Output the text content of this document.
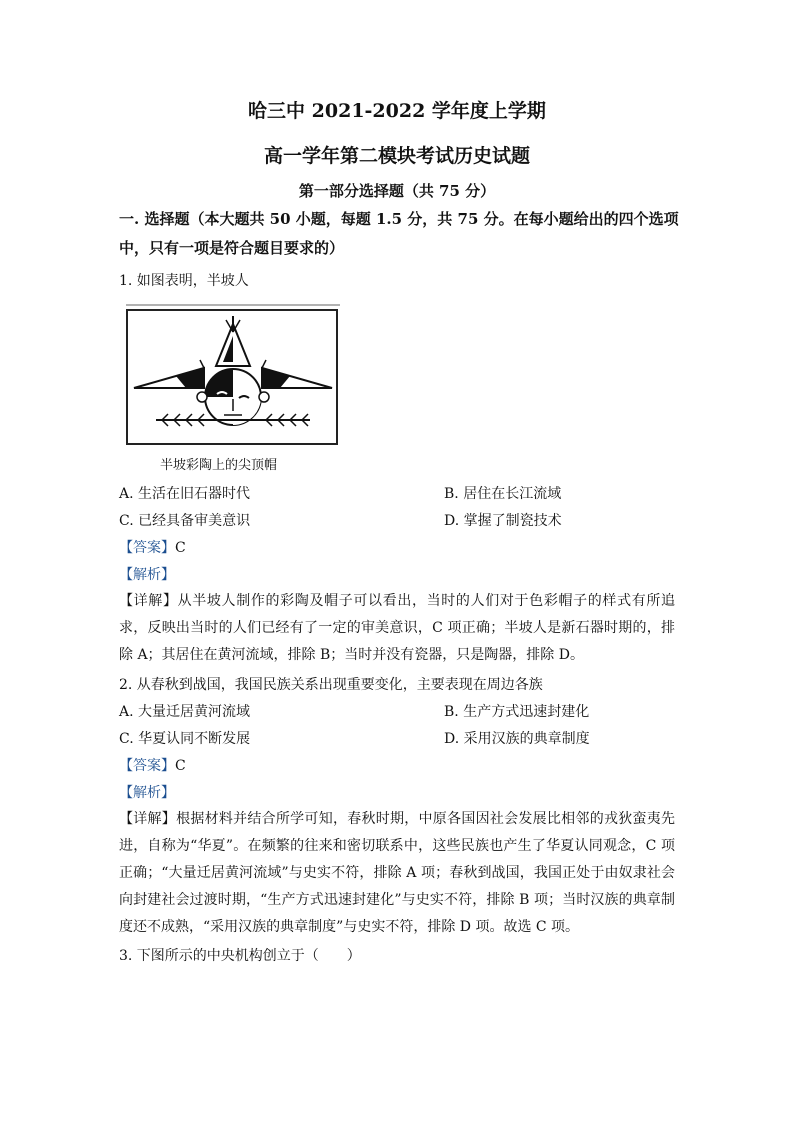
哈三中 2021-2022 学年度上学期
高一学年第二模块考试历史试题
第一部分选择题（共 75 分）
一. 选择题（本大题共 50 小题，每题 1.5 分，共 75 分。在每小题给出的四个选项中，只有一项是符合题目要求的）
1. 如图表明，半坡人
半坡彩陶上的尖顶帽
A. 生活在旧石器时代	B. 居住在长江流域
C. 已经具备审美意识	D. 掌握了制瓷技术
【答案】C
【解析】
【详解】从半坡人制作的彩陶及帽子可以看出，当时的人们对于色彩帽子的样式有所追求，反映出当时的人们已经有了一定的审美意识，C 项正确；半坡人是新石器时期的，排除 A；其居住在黄河流域，排除 B；当时并没有瓷器，只是陶器，排除 D。
2. 从春秋到战国，我国民族关系出现重要变化，主要表现在周边各族
A. 大量迁居黄河流域	B. 生产方式迅速封建化
C. 华夏认同不断发展	D. 采用汉族的典章制度
【答案】C
【解析】
【详解】根据材料并结合所学可知，春秋时期，中原各国因社会发展比相邻的戎狄蛮夷先进，自称为“华夏”。在频繁的往来和密切联系中，这些民族也产生了华夏认同观念，C 项正确；“大量迁居黄河流域”与史实不符，排除 A 项；春秋到战国，我国正处于由奴隶社会向封建社会过渡时期，“生产方式迅速封建化”与史实不符，排除 B 项；当时汉族的典章制度还不成熟，“采用汉族的典章制度”与史实不符，排除 D 项。故选 C 项。
3. 下图所示的中央机构创立于（　　）
